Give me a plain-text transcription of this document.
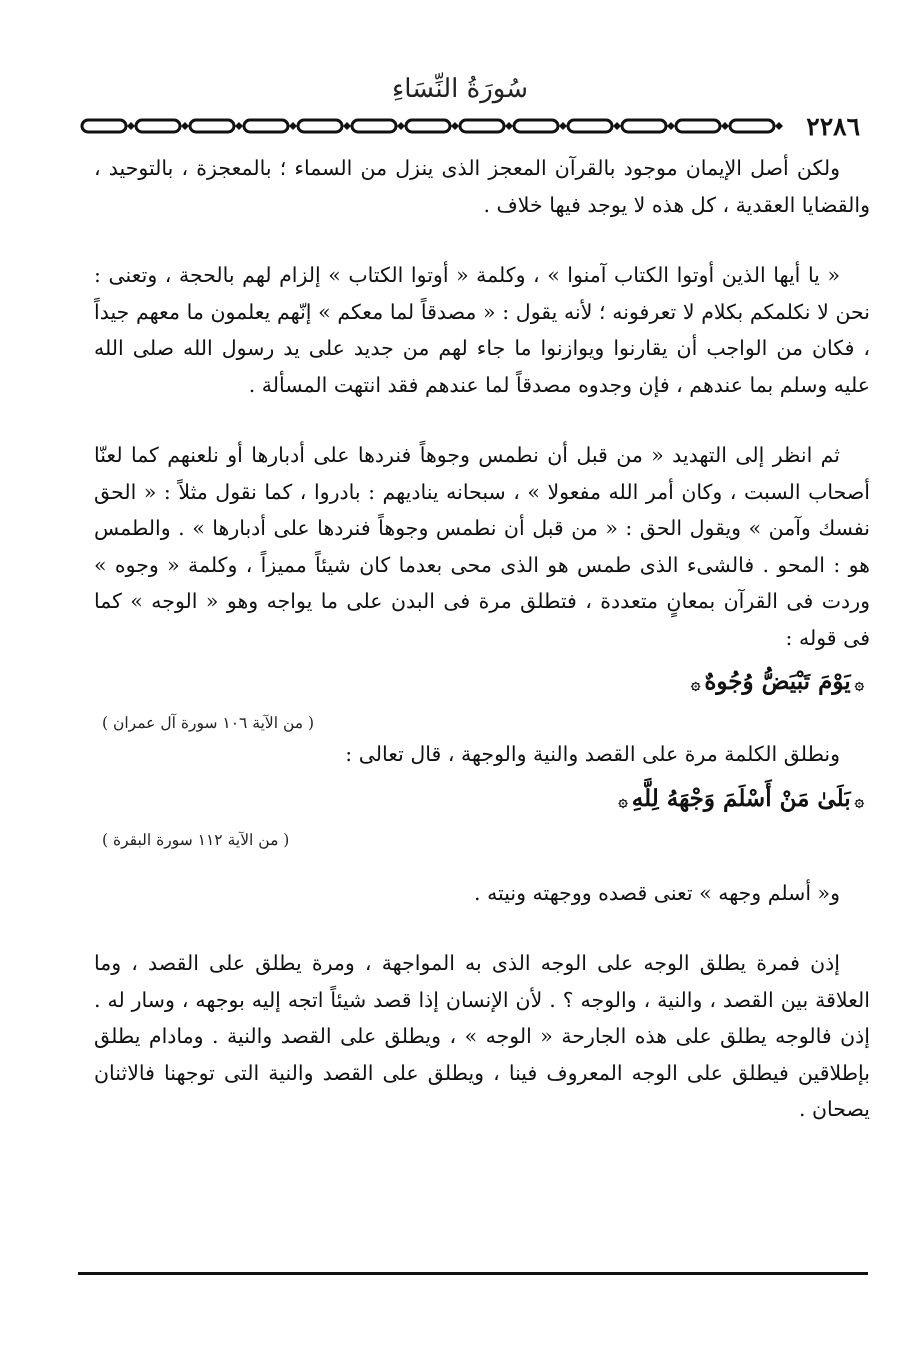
سُورَةُ النِّسَاءِ
٢٢٨٦

ولكن أصل الإيمان موجود بالقرآن المعجز الذى ينزل من السماء ؛ بالمعجزة ، بالتوحيد ، والقضايا العقدية ، كل هذه لا يوجد فيها خلاف .

« يا أيها الذين أوتوا الكتاب آمنوا » ، وكلمة « أوتوا الكتاب » إلزام لهم بالحجة ، وتعنى : نحن لا نكلمكم بكلام لا تعرفونه ؛ لأنه يقول : « مصدقاً لما معكم » إنّهم يعلمون ما معهم جيداً ، فكان من الواجب أن يقارنوا ويوازنوا ما جاء لهم من جديد على يد رسول الله صلى الله عليه وسلم بما عندهم ، فإن وجدوه مصدقاً لما عندهم فقد انتهت المسألة .

ثم انظر إلى التهديد « من قبل أن نطمس وجوهاً فنردها على أدبارها أو نلعنهم كما لعنّا أصحاب السبت ، وكان أمر الله مفعولا » ، سبحانه يناديهم : بادروا ، كما نقول مثلاً : « الحق نفسك وآمن » ويقول الحق : « من قبل أن نطمس وجوهاً فنردها على أدبارها » . والطمس هو : المحو . فالشىء الذى طمس هو الذى محى بعدما كان شيئاً مميزاً ، وكلمة « وجوه » وردت فى القرآن بمعانٍ متعددة ، فتطلق مرة فى البدن على ما يواجه وهو « الوجه » كما فى قوله :

۞يَوْمَ تَبْيَضُّ وُجُوهٌ۞
( من الآية ١٠٦ سورة آل عمران )

ونطلق الكلمة مرة على القصد والنية والوجهة ، قال تعالى :

۞بَلَىٰ مَنْ أَسْلَمَ وَجْهَهُ لِلَّهِ۞
( من الآية ١١٢ سورة البقرة )

و« أسلم وجهه » تعنى قصده ووجهته ونيته .

إذن فمرة يطلق الوجه على الوجه الذى به المواجهة ، ومرة يطلق على القصد ، وما العلاقة بين القصد ، والنية ، والوجه ؟ . لأن الإنسان إذا قصد شيئاً اتجه إليه بوجهه ، وسار له . إذن فالوجه يطلق على هذه الجارحة « الوجه » ، ويطلق على القصد والنية . ومادام يطلق بإطلاقين فيطلق على الوجه المعروف فينا ، ويطلق على القصد والنية التى توجهنا فالاثنان يصحان .
